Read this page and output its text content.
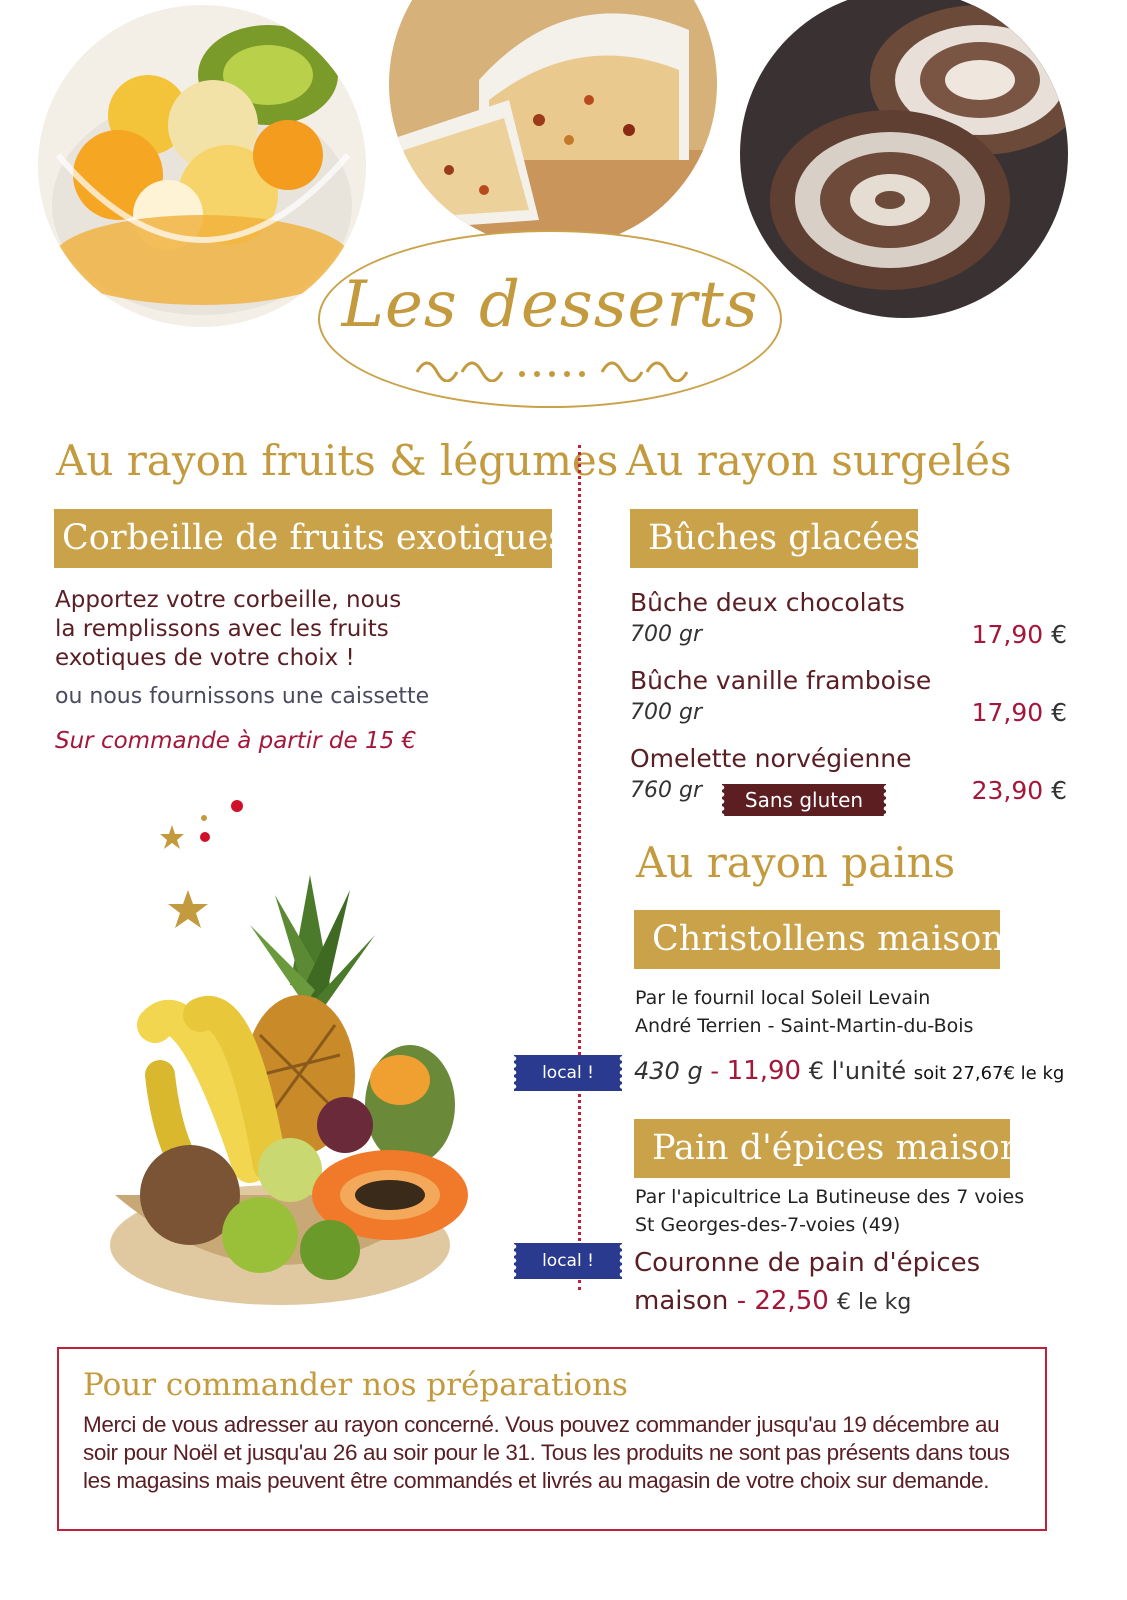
Les desserts
Au rayon fruits & légumes
Corbeille de fruits exotiques
Apportez votre corbeille, nous
la remplissons avec les fruits
exotiques de votre choix !
ou nous fournissons une caissette
Sur commande à partir de 15 €
Au rayon surgelés
Bûches glacées
Bûche deux chocolats
700 gr	17,90 €
Bûche vanille framboise
700 gr	17,90 €
Omelette norvégienne
760 gr	Sans gluten	23,90 €
Au rayon pains
Christollens maison
Par le fournil local Soleil Levain
André Terrien - Saint-Martin-du-Bois
local !	430 g - 11,90 € l'unité soit 27,67€ le kg
Pain d'épices maison
Par l'apicultrice La Butineuse des 7 voies
St Georges-des-7-voies (49)
local !	Couronne de pain d'épices
maison - 22,50 € le kg
Pour commander nos préparations
Merci de vous adresser au rayon concerné. Vous pouvez commander jusqu'au 19 décembre au soir pour Noël et jusqu'au 26 au soir pour le 31. Tous les produits ne sont pas présents dans tous les magasins mais peuvent être commandés et livrés au magasin de votre choix sur demande.
